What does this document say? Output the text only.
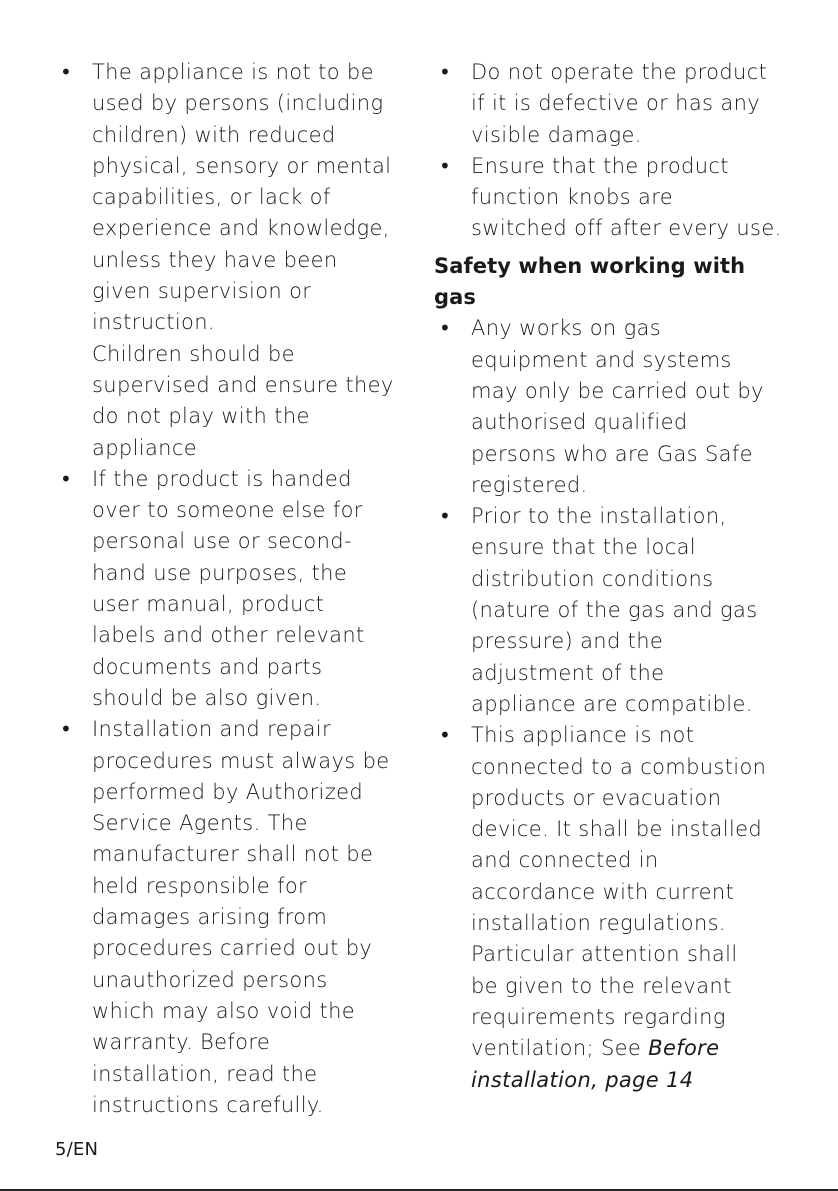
• The appliance is not to be
used by persons (including
children) with reduced
physical, sensory or mental
capabilities, or lack of
experience and knowledge,
unless they have been
given supervision or
instruction.

Children should be
supervised and ensure they
do not play with the
appliance

• If the product is handed
over to someone else for
personal use or second-
hand use purposes, the
user manual, product
labels and other relevant
documents and parts
should be also given.

• Installation and repair
procedures must always be
performed by Authorized
Service Agents. The
manufacturer shall not be
held responsible for
damages arising from
procedures carried out by
unauthorized persons
which may also void the
warranty. Before
installation, read the
instructions carefully.

• Do not operate the product
if it is defective or has any
visible damage.

• Ensure that the product
function knobs are
switched off after every use.

Safety when working with
gas
• Any works on gas
equipment and systems
may only be carried out by
authorised qualified
persons who are Gas Safe
registered.

• Prior to the installation,
ensure that the local
distribution conditions
(nature of the gas and gas
pressure) and the
adjustment of the
appliance are compatible.

• This appliance is not
connected to a combustion
products or evacuation
device. It shall be installed
and connected in
accordance with current
installation regulations.
Particular attention shall
be given to the relevant
requirements regarding
ventilation; See Before
installation, page 14

5/EN
